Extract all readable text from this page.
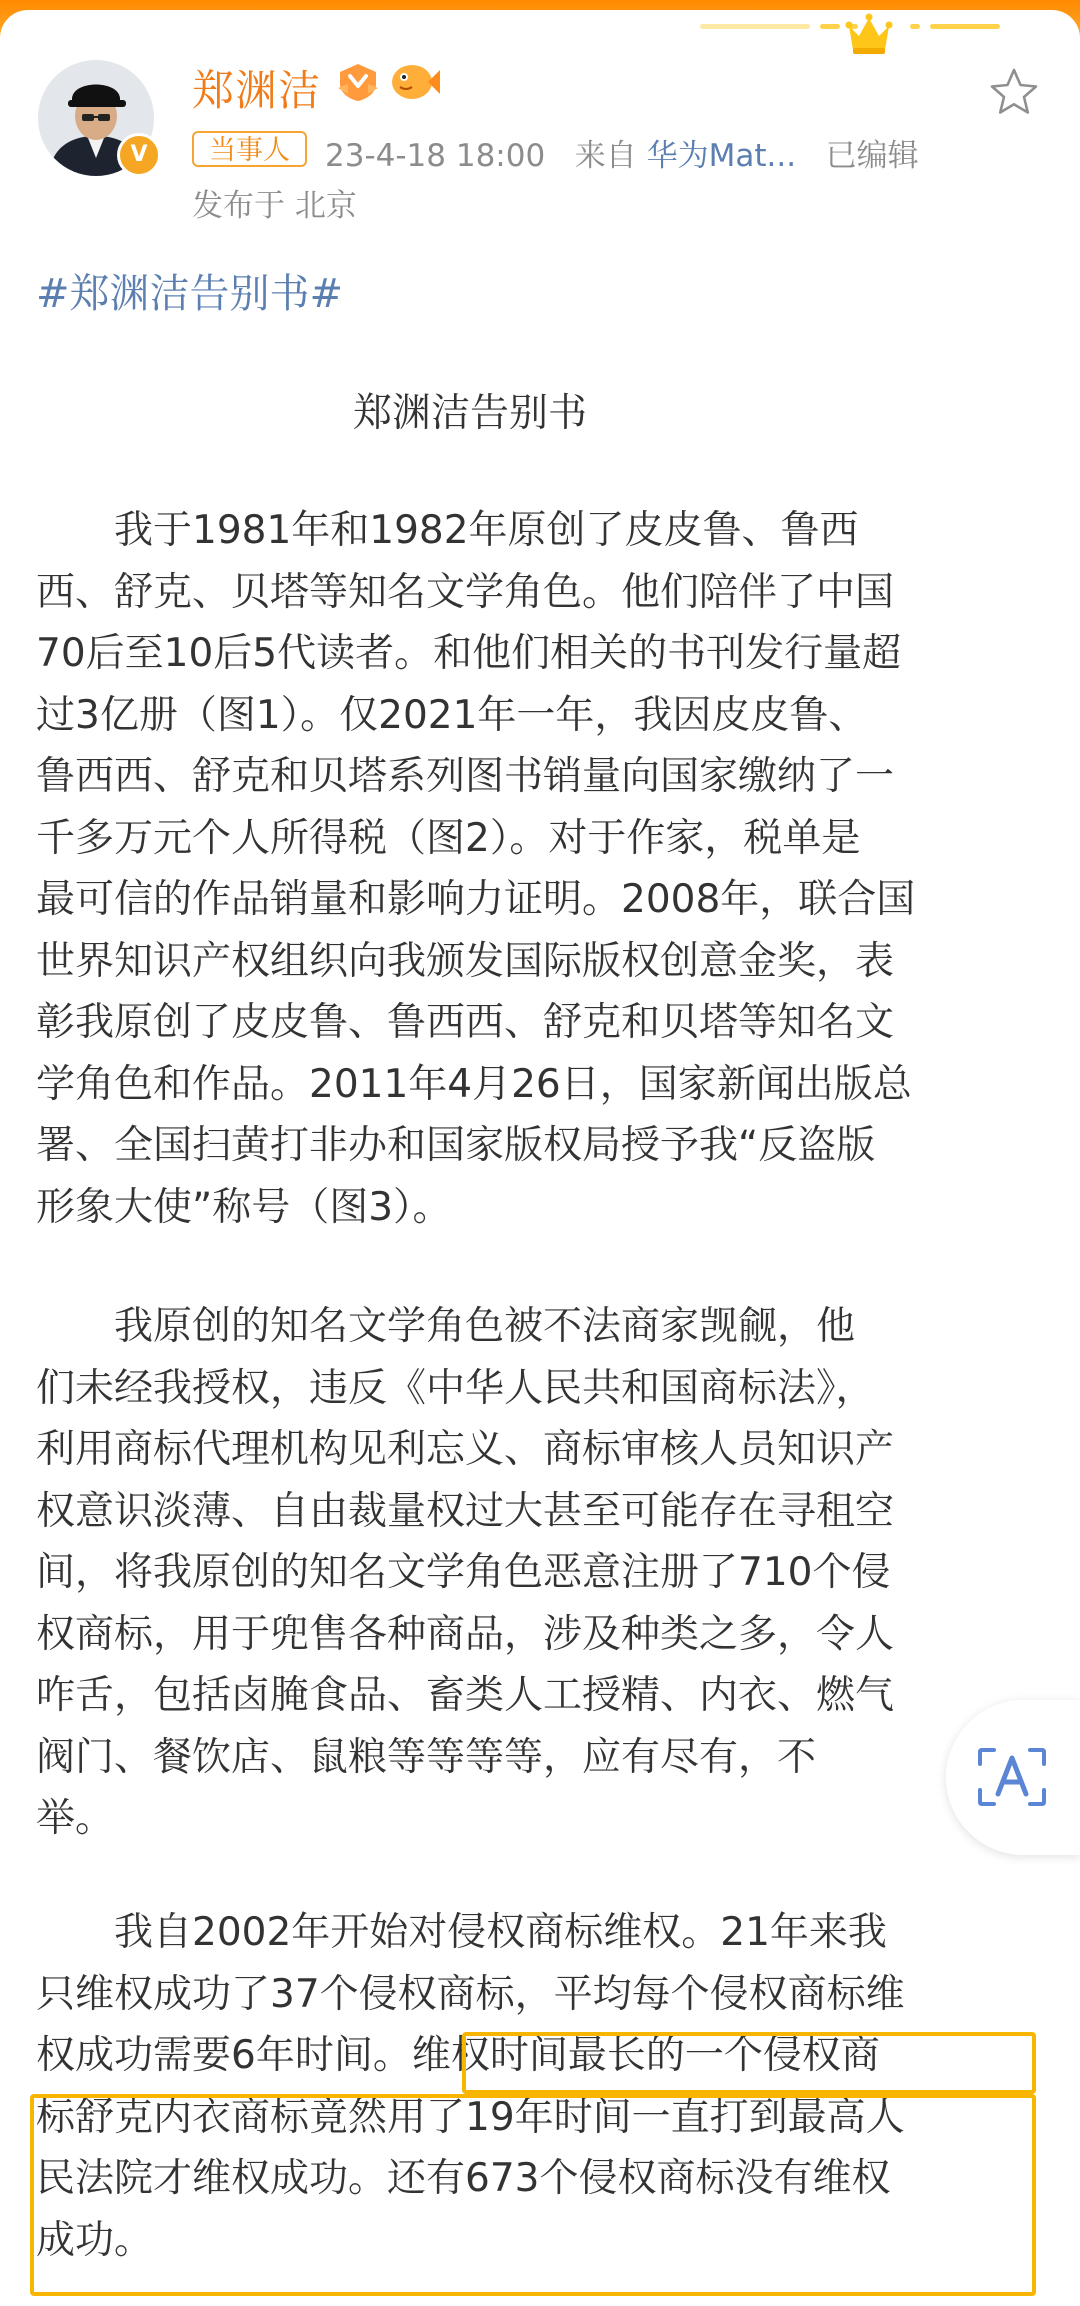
V
郑渊洁
当事人	23-4-18 18:00 来自 华为Mat... 已编辑
发布于 北京
#郑渊洁告别书#
郑渊洁告别书
　　我于1981年和1982年原创了皮皮鲁、鲁西
西、舒克、贝塔等知名文学角色。他们陪伴了中国
70后至10后5代读者。和他们相关的书刊发行量超
过3亿册（图1）。仅2021年一年，我因皮皮鲁、
鲁西西、舒克和贝塔系列图书销量向国家缴纳了一
千多万元个人所得税（图2）。对于作家，税单是
最可信的作品销量和影响力证明。2008年，联合国
世界知识产权组织向我颁发国际版权创意金奖，表
彰我原创了皮皮鲁、鲁西西、舒克和贝塔等知名文
学角色和作品。2011年4月26日，国家新闻出版总
署、全国扫黄打非办和国家版权局授予我“反盗版
形象大使”称号（图3）。
　　我原创的知名文学角色被不法商家觊觎，他
们未经我授权，违反《中华人民共和国商标法》，
利用商标代理机构见利忘义、商标审核人员知识产
权意识淡薄、自由裁量权过大甚至可能存在寻租空
间，将我原创的知名文学角色恶意注册了710个侵
权商标，用于兜售各种商品，涉及种类之多，令人
咋舌，包括卤腌食品、畜类人工授精、内衣、燃气
阀门、餐饮店、鼠粮等等等等，应有尽有，不
举。
　　我自2002年开始对侵权商标维权。21年来我
只维权成功了37个侵权商标，平均每个侵权商标维
权成功需要6年时间。维权时间最长的一个侵权商
标舒克内衣商标竟然用了19年时间一直打到最高人
民法院才维权成功。还有673个侵权商标没有维权
成功。
